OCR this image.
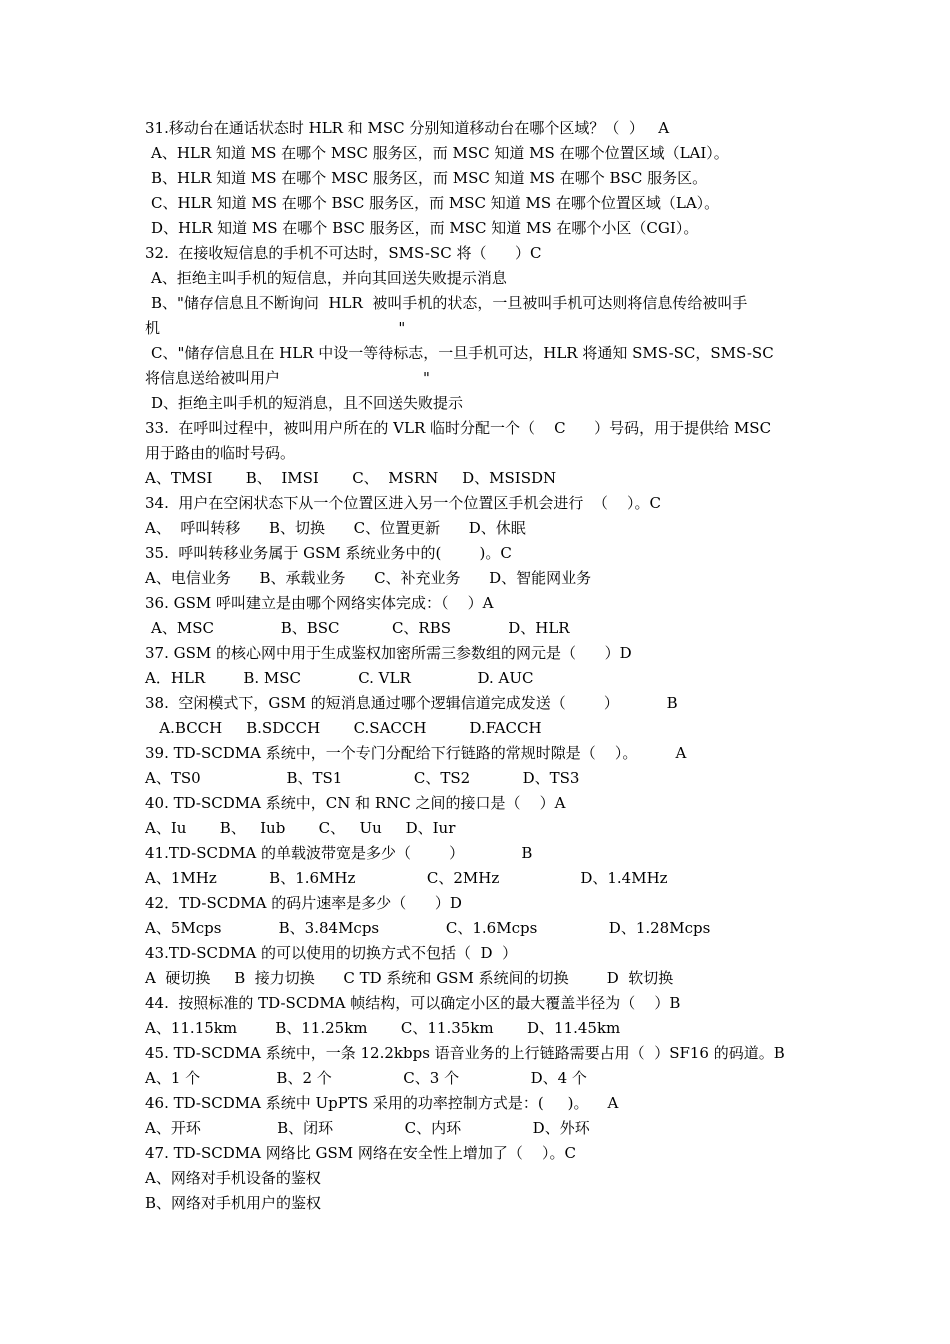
31.移动台在通话状态时 HLR 和 MSC 分别知道移动台在哪个区域？（  ）   A
A、HLR 知道 MS 在哪个 MSC 服务区，而 MSC 知道 MS 在哪个位置区域（LAI）。
B、HLR 知道 MS 在哪个 MSC 服务区，而 MSC 知道 MS 在哪个 BSC 服务区。
C、HLR 知道 MS 在哪个 BSC 服务区，而 MSC 知道 MS 在哪个位置区域（LA）。
D、HLR 知道 MS 在哪个 BSC 服务区，而 MSC 知道 MS 在哪个小区（CGI）。
32.  在接收短信息的手机不可达时，SMS-SC 将（      ）C
A、拒绝主叫手机的短信息，并向其回送失败提示消息
B、"储存信息且不断询问  HLR  被叫手机的状态，一旦被叫手机可达则将信息传给被叫手
机                                                  "
C、"储存信息且在 HLR 中设一等待标志，一旦手机可达，HLR 将通知 SMS-SC，SMS-SC
将信息送给被叫用户                              "
D、拒绝主叫手机的短消息，且不回送失败提示
33.  在呼叫过程中，被叫用户所在的 VLR 临时分配一个（    C      ）号码，用于提供给 MSC
用于路由的临时号码。
A、TMSI       B、  IMSI       C、  MSRN     D、MSISDN
34.  用户在空闲状态下从一个位置区进入另一个位置区手机会进行  （    ）。C
A、  呼叫转移      B、切换      C、位置更新      D、休眠
35.  呼叫转移业务属于 GSM 系统业务中的(        )。C
A、电信业务      B、承载业务      C、补充业务      D、智能网业务
36. GSM 呼叫建立是由哪个网络实体完成：（    ）A
A、MSC              B、BSC           C、RBS            D、HLR
37. GSM 的核心网中用于生成鉴权加密所需三参数组的网元是（      ）D
A．HLR        B. MSC            C. VLR              D. AUC
38.  空闲模式下，GSM 的短消息通过哪个逻辑信道完成发送（        ）          B
A.BCCH     B.SDCCH       C.SACCH         D.FACCH
39. TD-SCDMA 系统中，一个专门分配给下行链路的常规时隙是（    ）。        A
A、TS0                  B、TS1               C、TS2           D、TS3
40. TD-SCDMA 系统中，CN 和 RNC 之间的接口是（    ）A
A、Iu       B、   Iub       C、   Uu     D、Iur
41.TD-SCDMA 的单载波带宽是多少（        ）            B
A、1MHz           B、1.6MHz               C、2MHz                 D、1.4MHz
42．TD-SCDMA 的码片速率是多少（      ）D
A、5Mcps            B、3.84Mcps              C、1.6Mcps               D、1.28Mcps
43.TD-SCDMA 的可以使用的切换方式不包括（  D  ）
A  硬切换     B  接力切换      C TD 系统和 GSM 系统间的切换        D  软切换
44.  按照标准的 TD-SCDMA 帧结构，可以确定小区的最大覆盖半径为（    ）B
A、11.15km        B、11.25km       C、11.35km       D、11.45km
45. TD-SCDMA 系统中，一条 12.2kbps 语音业务的上行链路需要占用（  ）SF16 的码道。B
A、1 个                B、2 个               C、3 个               D、4 个
46. TD-SCDMA 系统中 UpPTS 采用的功率控制方式是：(     )。    A
A、开环                B、闭环               C、内环               D、外环
47. TD-SCDMA 网络比 GSM 网络在安全性上增加了（    ）。C
A、网络对手机设备的鉴权
B、网络对手机用户的鉴权
